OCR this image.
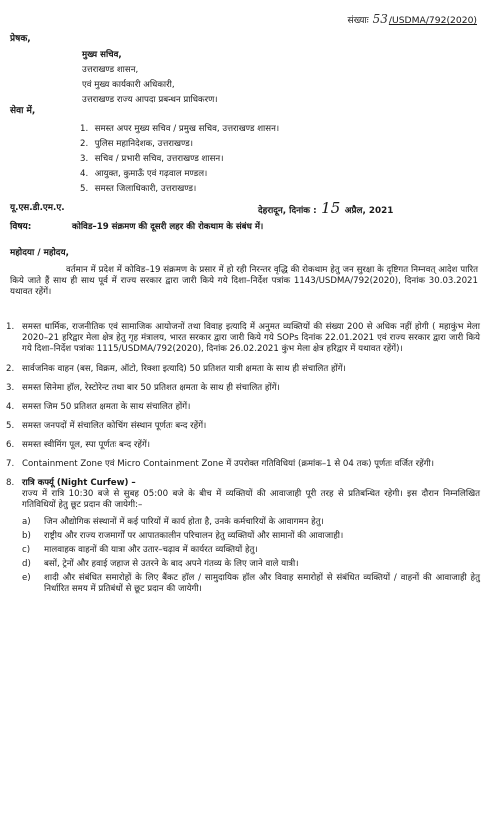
संख्याः 53/USDMA/792(2020)
प्रेषक,
मुख्य सचिव,
उत्तराखण्ड शासन,
एवं मुख्य कार्यकारी अधिकारी,
उत्तराखण्ड राज्य आपदा प्रबन्धन प्राधिकरण।
सेवा में,
1. समस्त अपर मुख्य सचिव / प्रमुख सचिव, उत्तराखण्ड शासन।
2. पुलिस महानिदेशक, उत्तराखण्ड।
3. सचिव / प्रभारी सचिव, उत्तराखण्ड शासन।
4. आयुक्त, कुमाऊँ एवं गढ़वाल मण्डल।
5. समस्त जिलाधिकारी, उत्तराखण्ड।
यू.एस.डी.एम.ए.	देहरादून, दिनांक : 15 अप्रैल, 2021
विषय:	कोविड–19 संक्रमण की दूसरी लहर की रोकथाम के संबंध में।
महोदया / महोदय,
वर्तमान में प्रदेश में कोविड–19 संक्रमण के प्रसार में हो रही निरन्तर वृद्धि की रोकथाम हेतु जन सुरक्षा के दृष्टिगत निम्नवत् आदेश पारित किये जाते हैं साथ ही साथ पूर्व में राज्य सरकार द्वारा जारी किये गये दिशा–निर्देश पत्रांक 1143/USDMA/792(2020), दिनांक 30.03.2021 यथावत रहेंगें।
1. समस्त धार्मिक, राजनीतिक एवं सामाजिक आयोजनों तथा विवाह इत्यादि में अनुमत व्यक्तियों की संख्या 200 से अधिक नहीं होगी ( महाकुंभ मेला 2020–21 हरिद्वार मेला क्षेत्र हेतु गृह मंत्रालय, भारत सरकार द्वारा जारी किये गये SOPs दिनांक 22.01.2021 एवं राज्य सरकार द्वारा जारी किये गये दिशा–निर्देश पत्रांकः 1115/USDMA/792(2020), दिनांक 26.02.2021 कुंभ मेला क्षेत्र हरिद्वार में यथावत रहेंगें)।
2. सार्वजनिक वाहन (बस, विक्रम, ऑटो, रिक्शा इत्यादि) 50 प्रतिशत यात्री क्षमता के साथ ही संचालित होंगें।
3. समस्त सिनेमा हॉल, रेस्टोरेन्ट तथा बार 50 प्रतिशत क्षमता के साथ ही संचालित होंगें।
4. समस्त जिम 50 प्रतिशत क्षमता के साथ संचालित होंगें।
5. समस्त जनपदों में संचालित कोचिंग संस्थान पूर्णतः बन्द रहेंगें।
6. समस्त स्वीमिंग पूल, स्पा पूर्णतः बन्द रहेंगें।
7. Containment Zone एवं Micro Containment Zone में उपरोक्त गतिविधियां (क्रमांक–1 से 04 तक) पूर्णतः वर्जित रहेंगी।
8. रात्रि कर्फ्यू (Night Curfew) –
राज्य में रात्रि 10:30 बजे से सुबह 05:00 बजे के बीच में व्यक्तियों की आवाजाही पूरी तरह से प्रतिबन्धित रहेगी। इस दौरान निम्नलिखित गतिविधियों हेतु छूट प्रदान की जायेगी:–
a) जिन औद्योगिक संस्थानों में कई पारियों में कार्य होता है, उनके कर्मचारियों के आवागमन हेतु।
b) राष्ट्रीय और राज्य राजमार्गों पर आपातकालीन परिचालन हेतु व्यक्तियों और सामानों की आवाजाही।
c) मालवाहक वाहनों की यात्रा और उतार–चढ़ाव में कार्यरत व्यक्तियों हेतु।
d) बसों, ट्रेनों और हवाई जहाज से उतरने के बाद अपने गंतव्य के लिए जाने वाले यात्री।
e) शादी और संबंधित समारोहों के लिए बैंकट हॉल / सामुदायिक हॉल और विवाह समारोहों से संबंधित व्यक्तियों / वाहनों की आवाजाही हेतु निर्धारित समय में प्रतिबंधों से छूट प्रदान की जायेगी।
